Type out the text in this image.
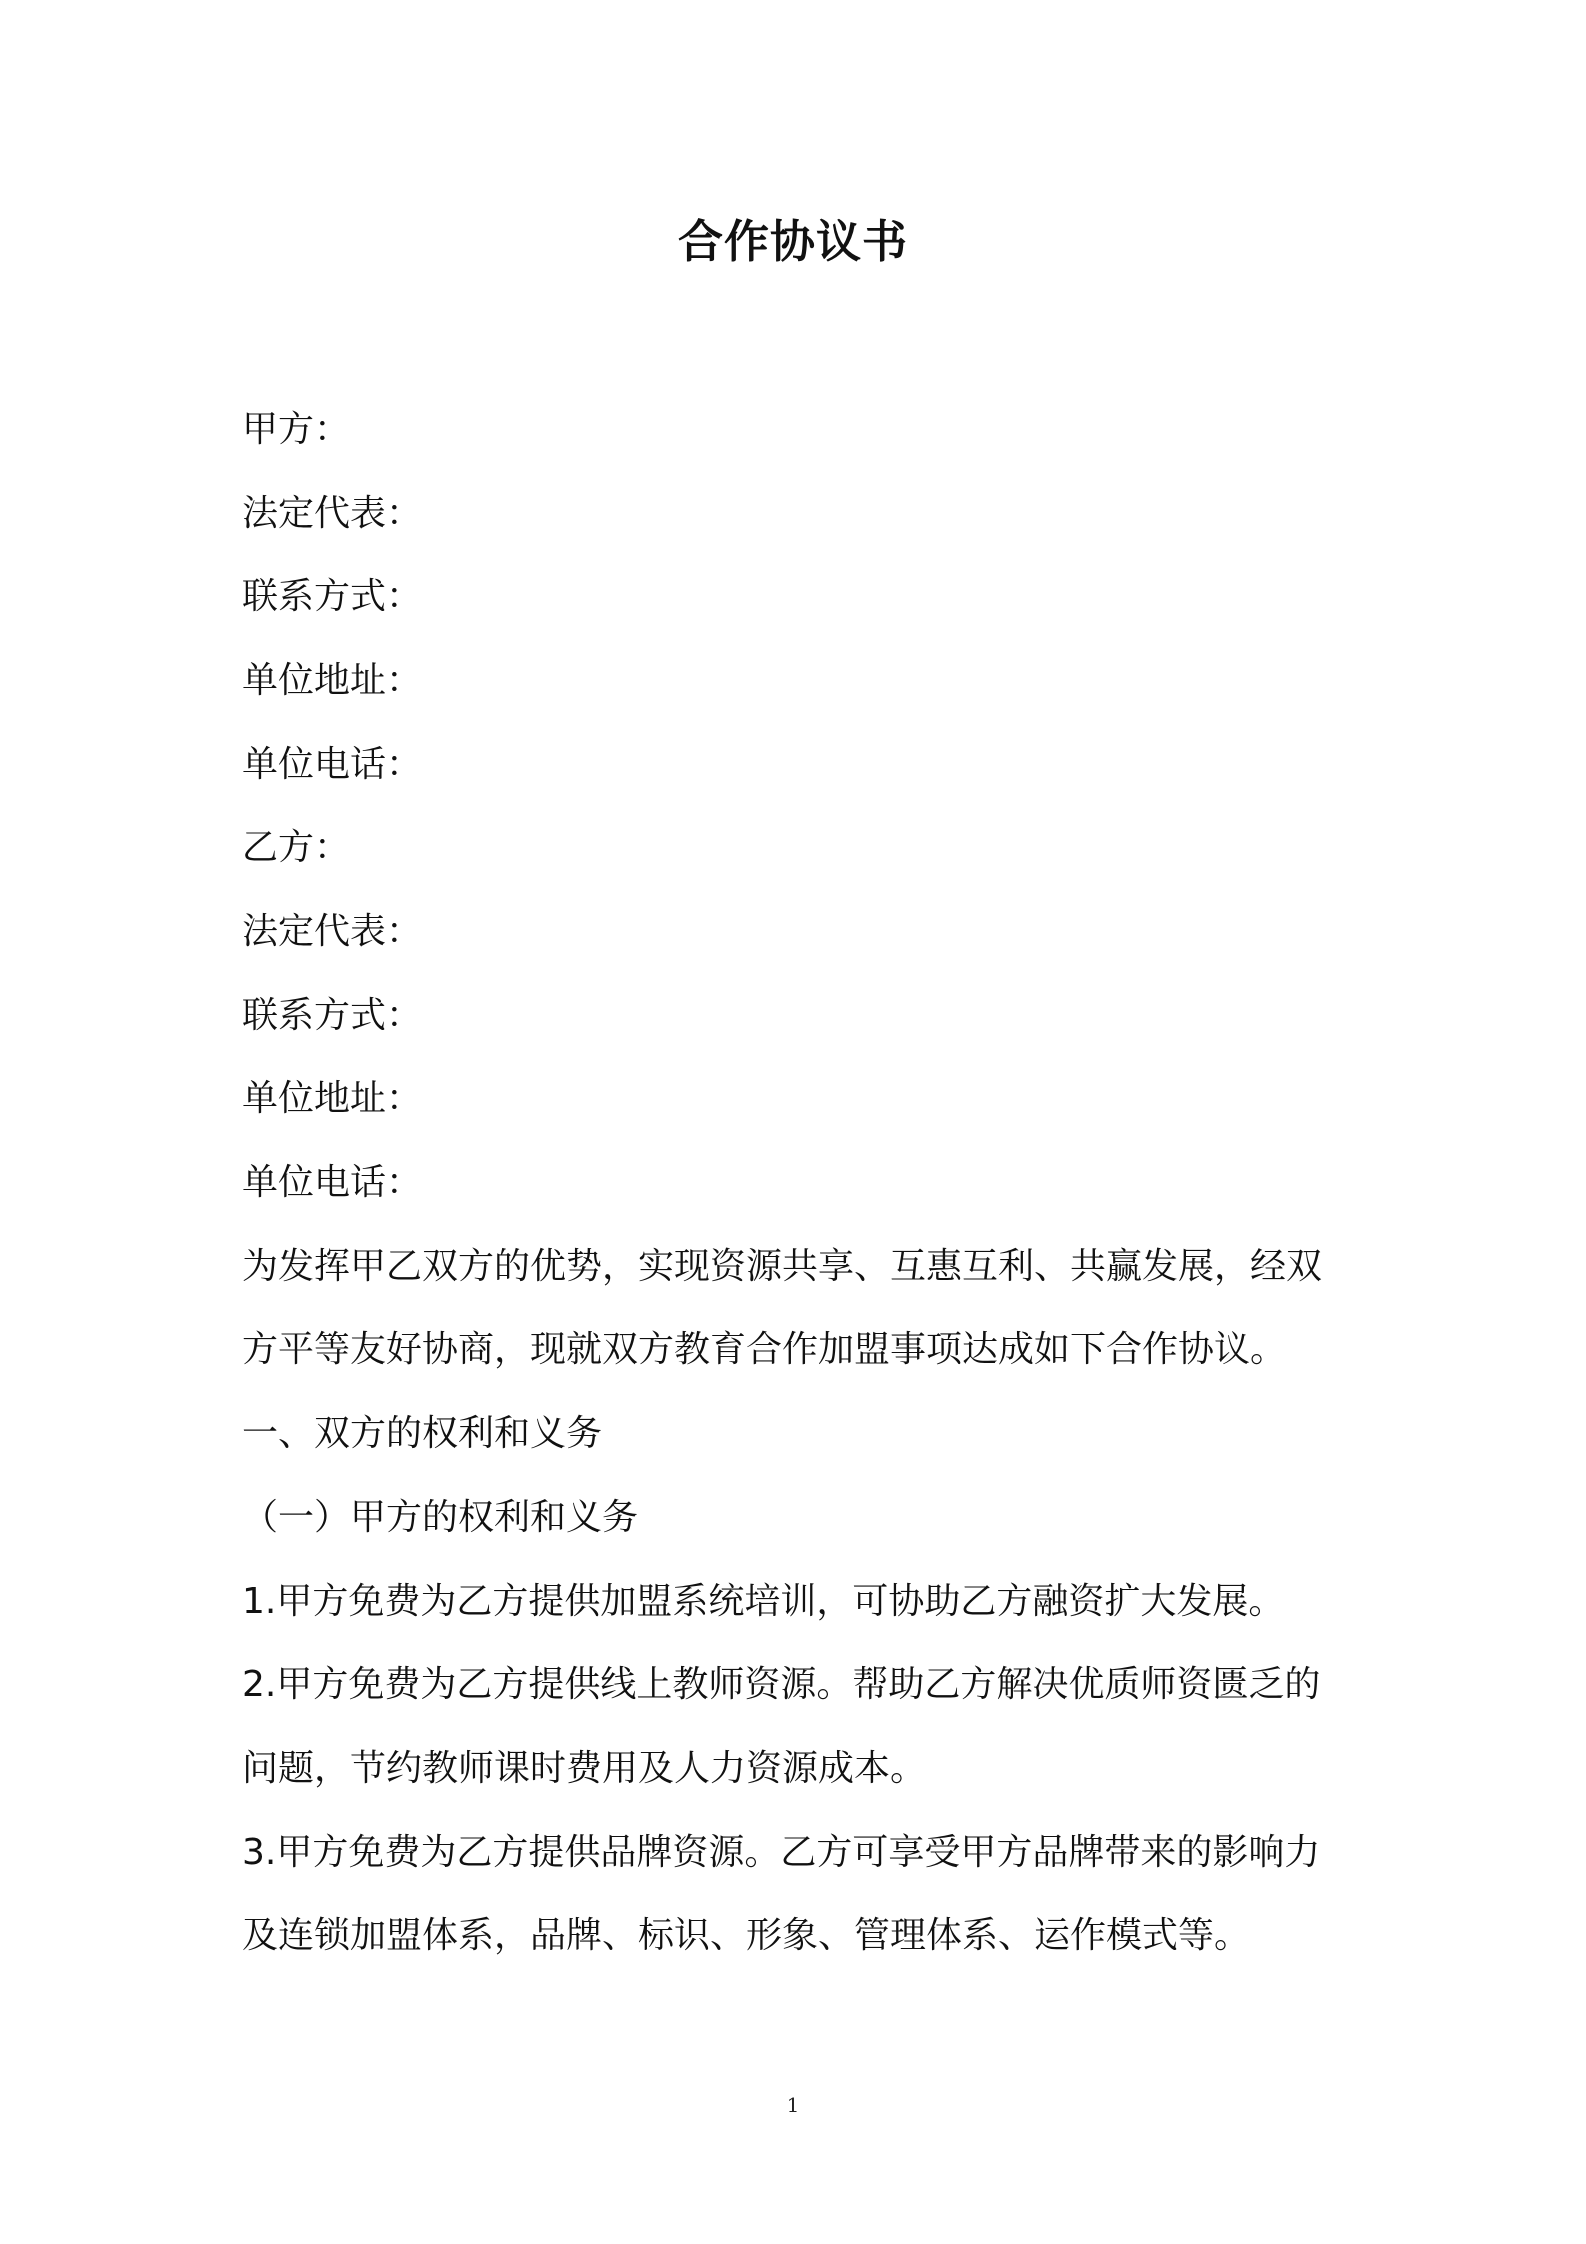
合作协议书
甲方：
法定代表：
联系方式：
单位地址：
单位电话：
乙方：
法定代表：
联系方式：
单位地址：
单位电话：
为发挥甲乙双方的优势，实现资源共享、互惠互利、共赢发展，经双
方平等友好协商，现就双方教育合作加盟事项达成如下合作协议。
一、双方的权利和义务
（一）甲方的权利和义务
1.甲方免费为乙方提供加盟系统培训，可协助乙方融资扩大发展。
2.甲方免费为乙方提供线上教师资源。帮助乙方解决优质师资匮乏的
问题，节约教师课时费用及人力资源成本。
3.甲方免费为乙方提供品牌资源。乙方可享受甲方品牌带来的影响力
及连锁加盟体系，品牌、标识、形象、管理体系、运作模式等。
1
